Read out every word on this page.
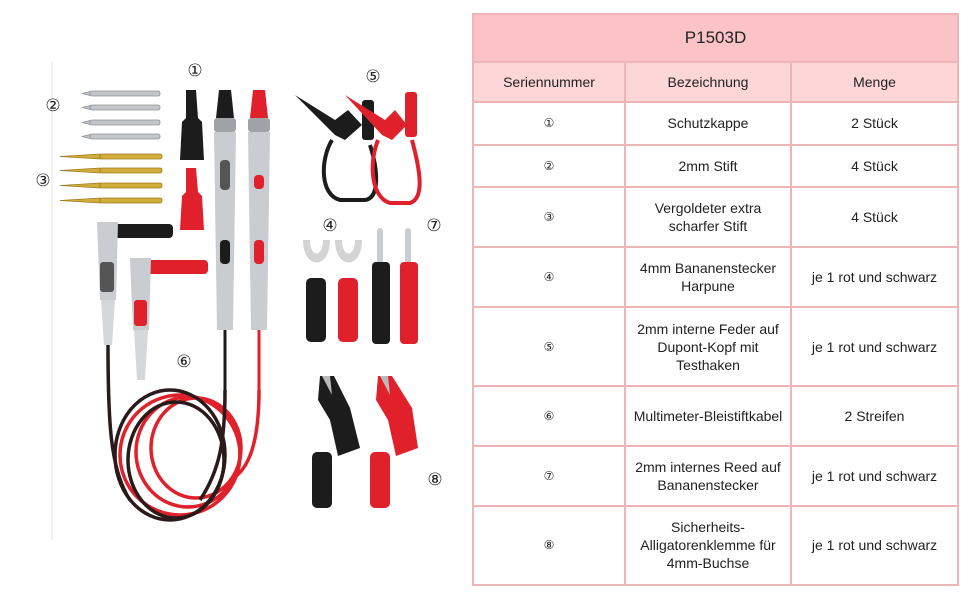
①
②
③
④
⑤
⑥
⑦
⑧
P1503D		
Seriennummer	Bezeichnung	Menge
①	Schutzkappe	2 Stück
②	2mm Stift	4 Stück
③	Vergoldeter extra scharfer Stift	4 Stück
④	4mm Bananenstecker Harpune	je 1 rot und schwarz
⑤	2mm interne Feder auf Dupont-Kopf mit Testhaken	je 1 rot und schwarz
⑥	Multimeter-Bleistiftkabel	2 Streifen
⑦	2mm internes Reed auf Bananenstecker	je 1 rot und schwarz
⑧	Sicherheits-Alligatorenklemme für 4mm-Buchse	je 1 rot und schwarz
